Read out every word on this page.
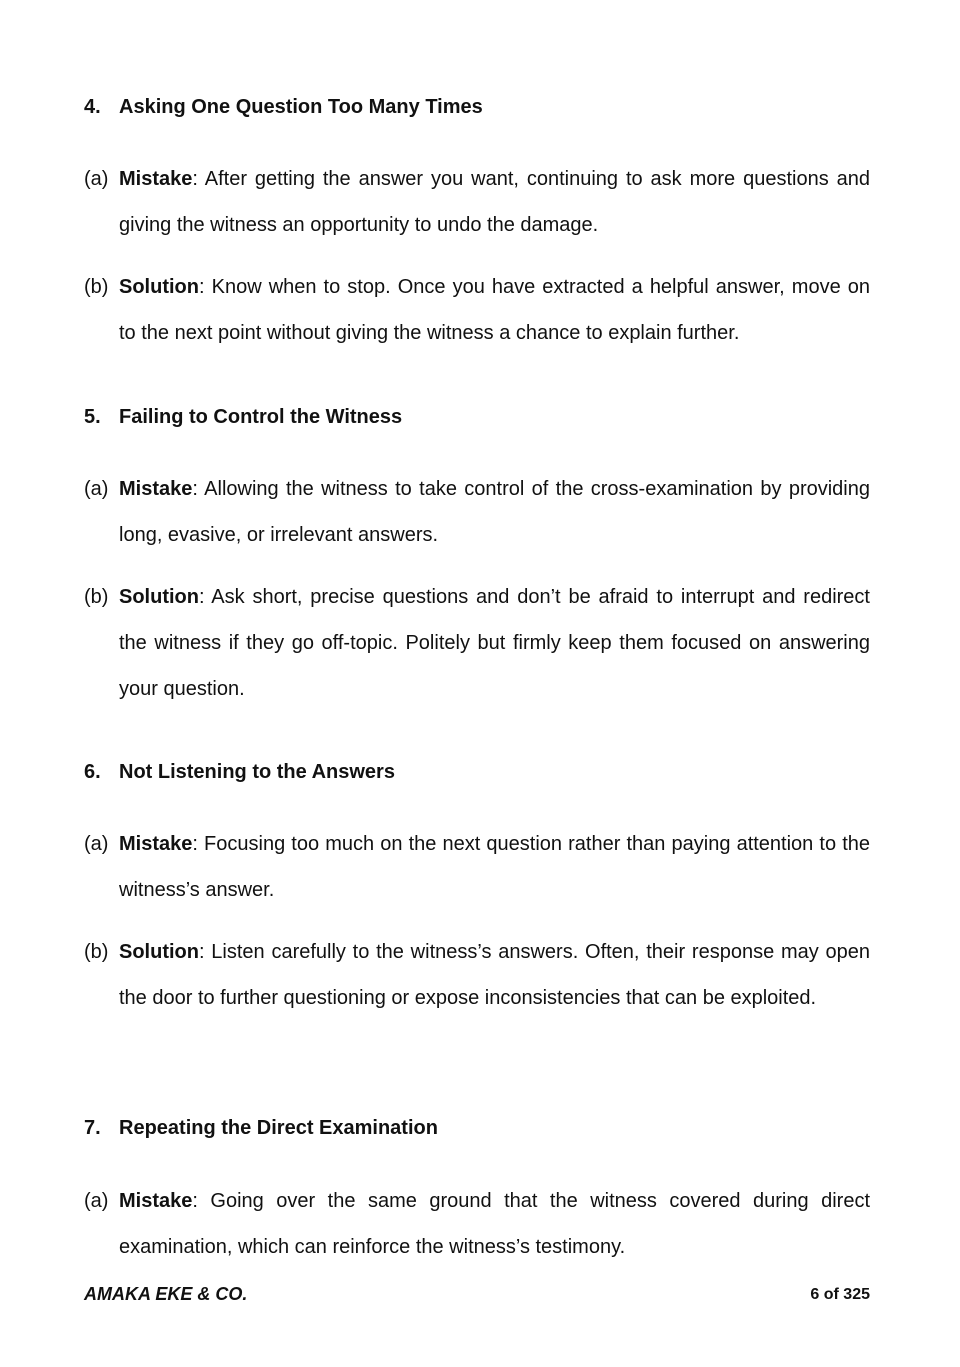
4. Asking One Question Too Many Times
(a) Mistake: After getting the answer you want, continuing to ask more questions and giving the witness an opportunity to undo the damage.
(b) Solution: Know when to stop. Once you have extracted a helpful answer, move on to the next point without giving the witness a chance to explain further.
5. Failing to Control the Witness
(a) Mistake: Allowing the witness to take control of the cross-examination by providing long, evasive, or irrelevant answers.
(b) Solution: Ask short, precise questions and don’t be afraid to interrupt and redirect the witness if they go off-topic. Politely but firmly keep them focused on answering your question.
6. Not Listening to the Answers
(a) Mistake: Focusing too much on the next question rather than paying attention to the witness’s answer.
(b) Solution: Listen carefully to the witness’s answers. Often, their response may open the door to further questioning or expose inconsistencies that can be exploited.
7. Repeating the Direct Examination
(a) Mistake: Going over the same ground that the witness covered during direct examination, which can reinforce the witness’s testimony.
AMAKA EKE & CO.	6 of 325
